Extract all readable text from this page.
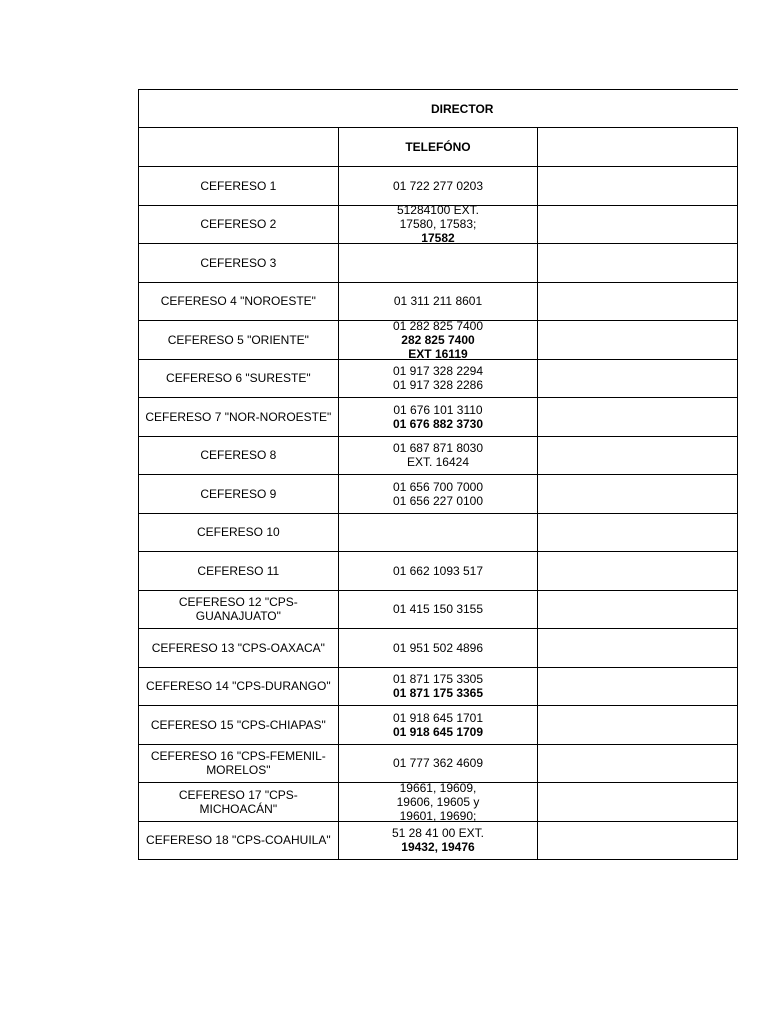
DIRECTOR		
	TELEFÓNO	
CEFERESO 1	01 722 277 0203	

CEFERESO 2	51284100 EXT.
17580, 17583;
17582	

CEFERESO 3	

CEFERESO 4 "NOROESTE"	01 311 211 8601	

CEFERESO 5 "ORIENTE"	01 282 825 7400
282 825 7400
EXT 16119	

CEFERESO 6 "SURESTE"	01 917 328 2294
01 917 328 2286	

CEFERESO 7 "NOR-NOROESTE"	01 676 101 3110
01 676 882 3730	

CEFERESO 8	01 687 871 8030
EXT. 16424	

CEFERESO 9	01 656 700 7000
01 656 227 0100	

CEFERESO 10	

CEFERESO 11	01 662 1093 517	

CEFERESO 12 "CPS-GUANAJUATO"	01 415 150 3155	

CEFERESO 13 "CPS-OAXACA"	01 951 502 4896	

CEFERESO 14 "CPS-DURANGO"	01 871 175 3305
01 871 175 3365	

CEFERESO 15 "CPS-CHIAPAS"	01 918 645 1701
01 918 645 1709	

CEFERESO 16 "CPS-FEMENIL-MORELOS"	01 777 362 4609	

CEFERESO 17 "CPS-MICHOACÁN"	19661, 19609,
19606, 19605 y
19601, 19690;	

CEFERESO 18 "CPS-COAHUILA"	51 28 41 00 EXT.
19432, 19476	
